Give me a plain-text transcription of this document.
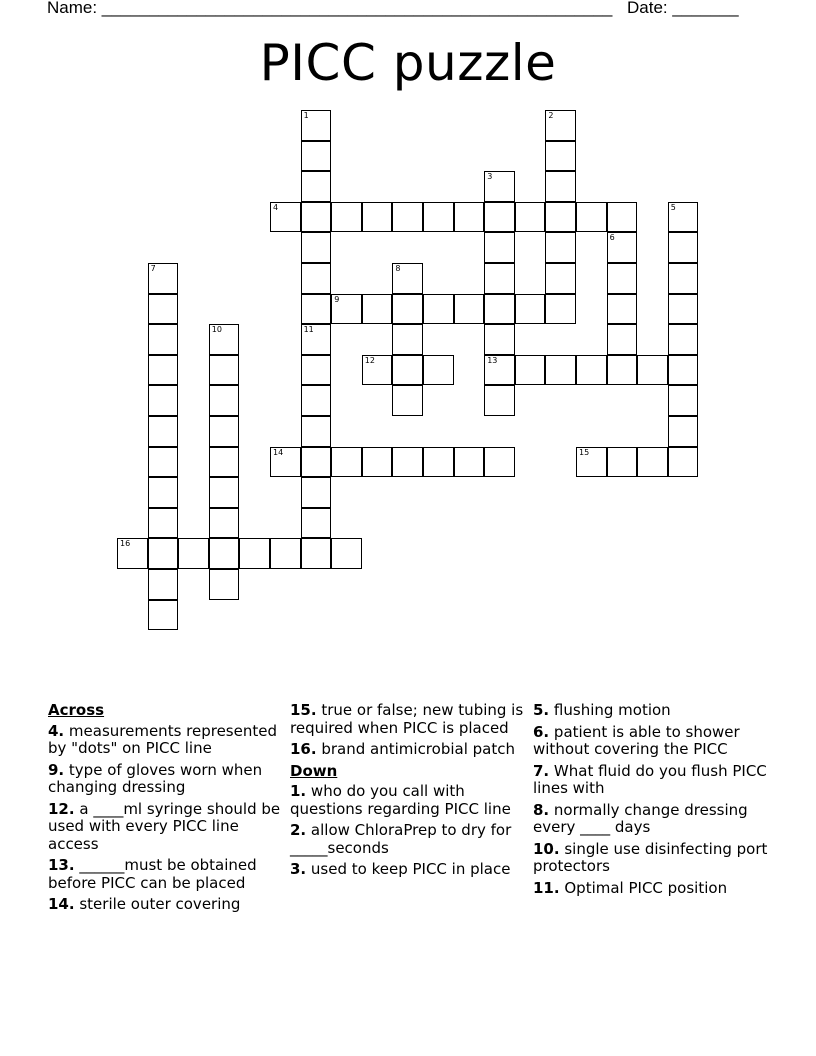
Name: ______________________________________________________ Date: _______
PICC puzzle
1
11
2
3
13
4	5
6
7	8
9
10
12
14	15
16
Across
4. measurements represented by "dots" on PICC line
9. type of gloves worn when changing dressing
12. a ____ml syringe should be used with every PICC line access
13. ______must be obtained before PICC can be placed
14. sterile outer covering
15. true or false; new tubing is required when PICC is placed
16. brand antimicrobial patch
Down
1. who do you call with questions regarding PICC line
2. allow ChloraPrep to dry for _____seconds
3. used to keep PICC in place
5. flushing motion
6. patient is able to shower without covering the PICC
7. What fluid do you flush PICC lines with
8. normally change dressing every ____ days
10. single use disinfecting port protectors
11. Optimal PICC position
